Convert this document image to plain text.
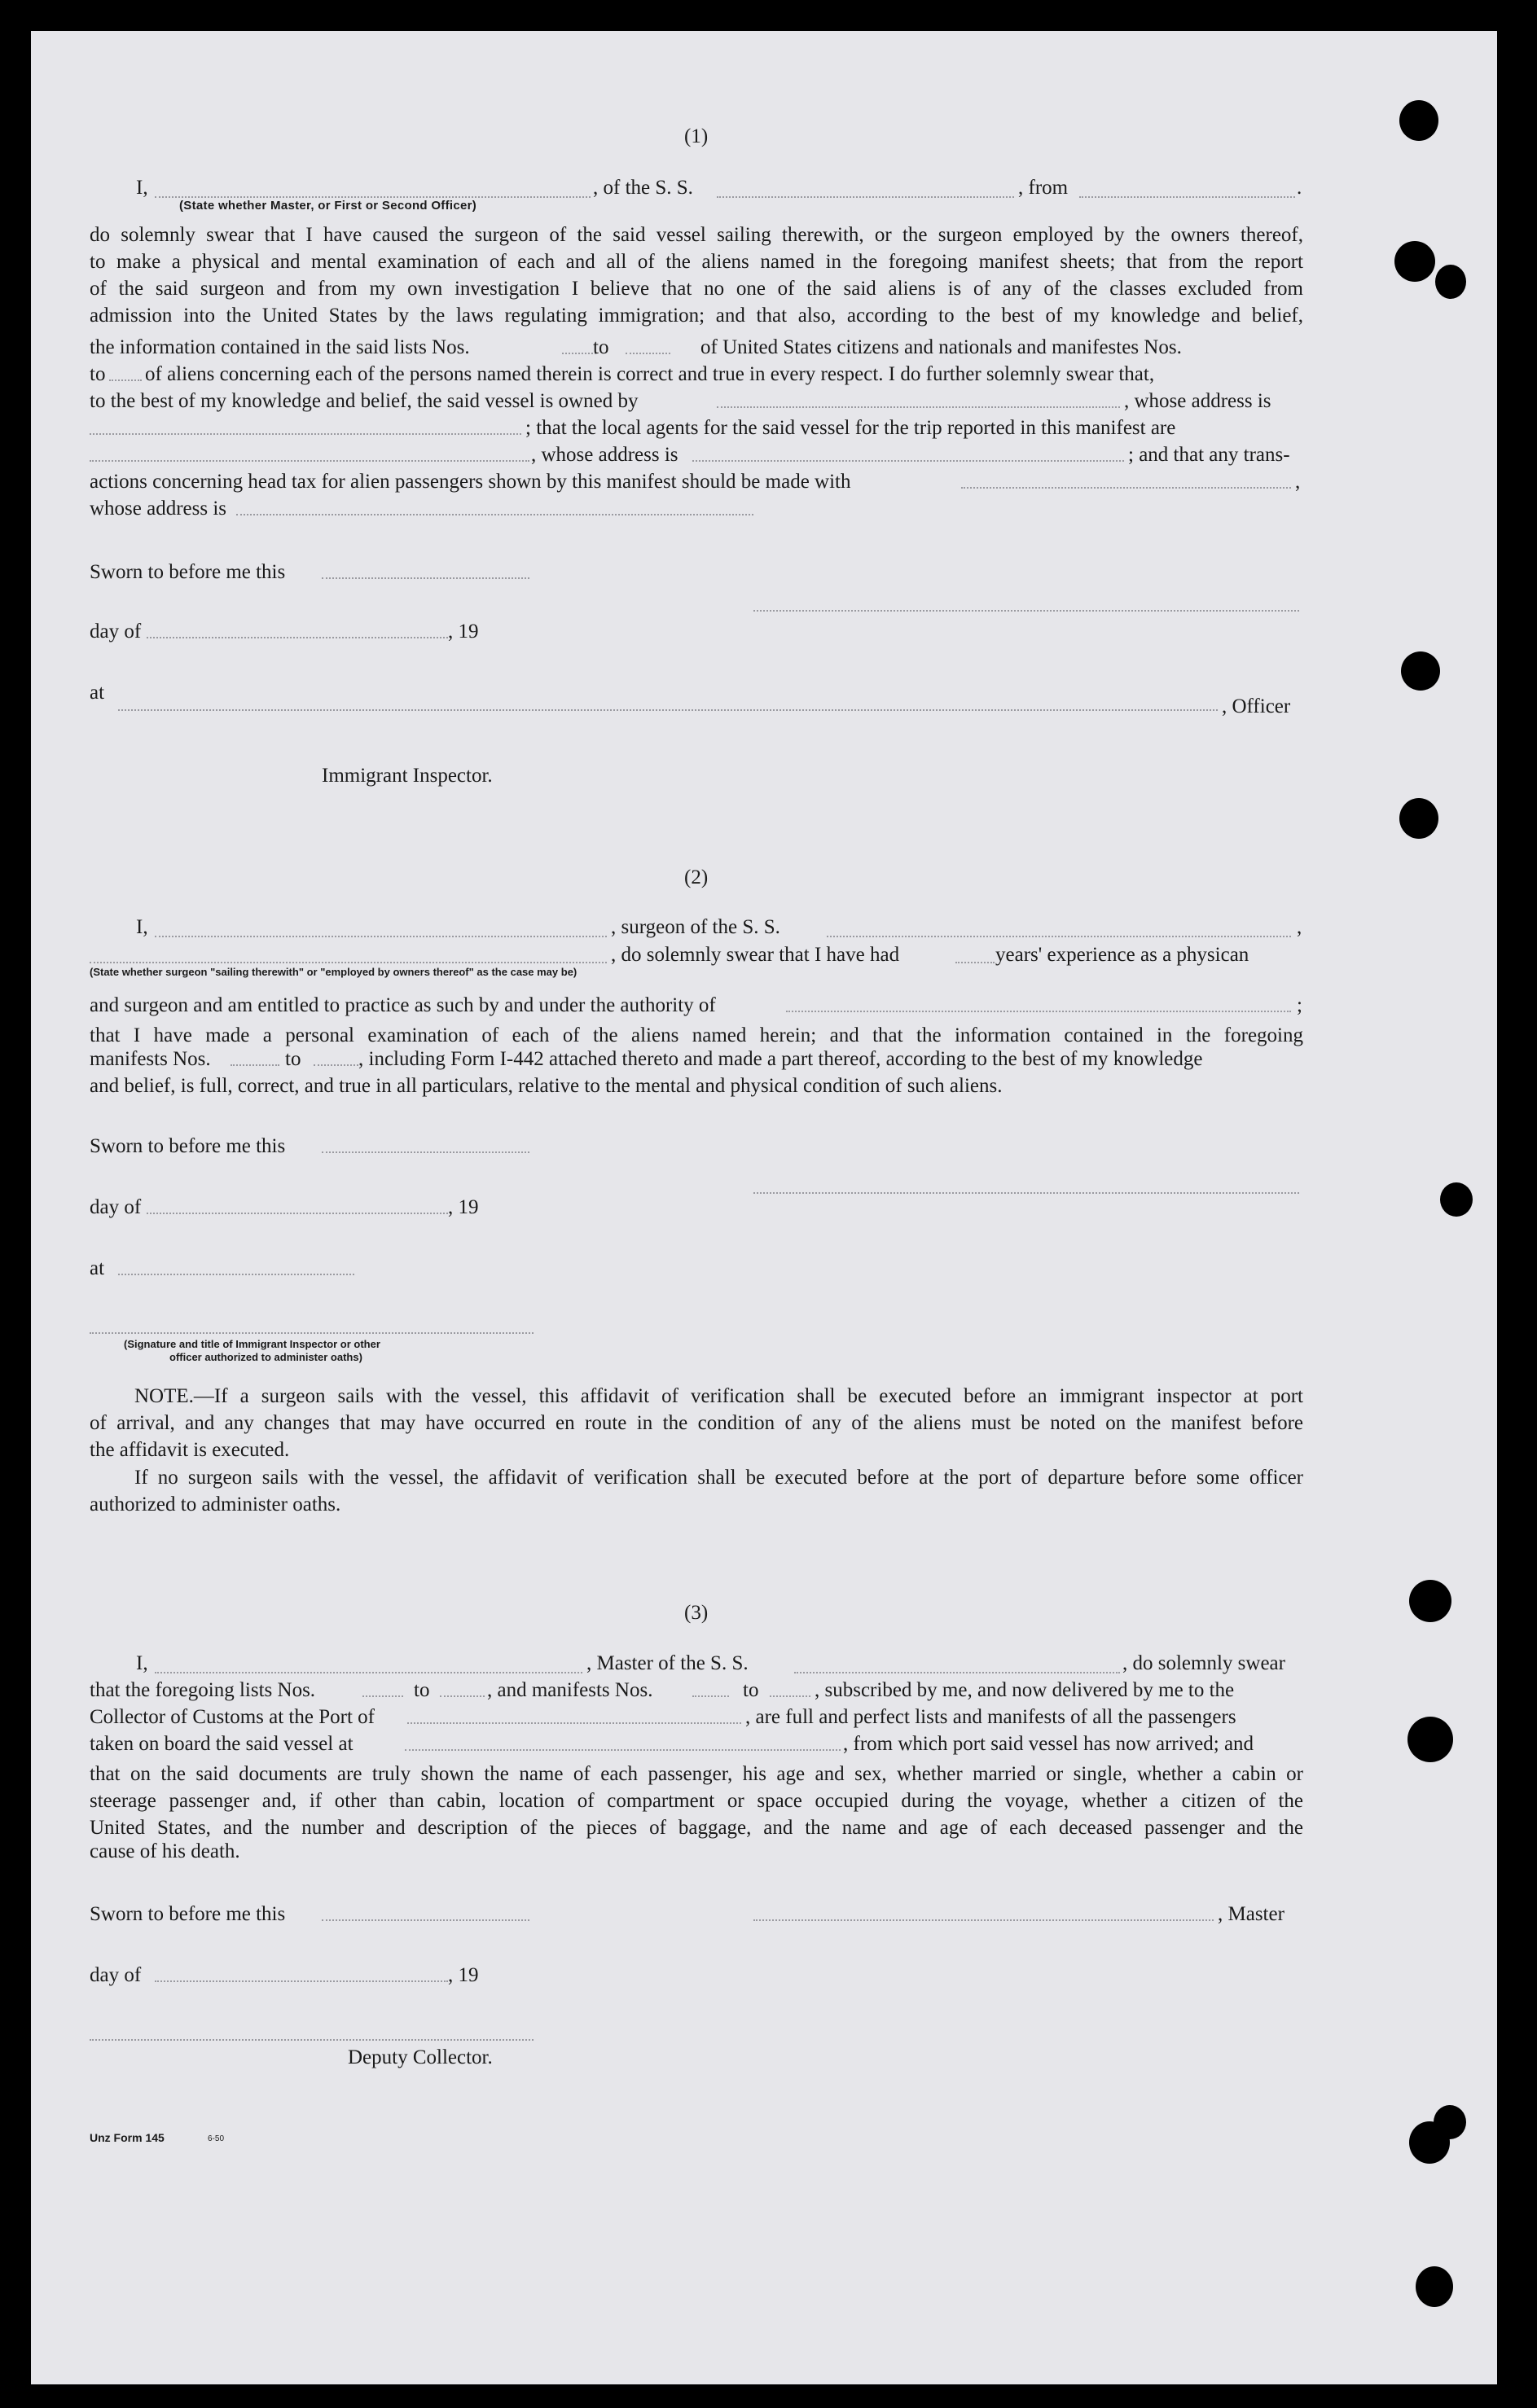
(1)
I,	, of the S. S.	, from	.
(State whether Master, or First or Second Officer)
do solemnly swear that I have caused the surgeon of the said vessel sailing therewith, or the surgeon employed by the owners thereof,
to make a physical and mental examination of each and all of the aliens named in the foregoing manifest sheets; that from the report
of the said surgeon and from my own investigation I believe that no one of the said aliens is of any of the classes excluded from
admission into the United States by the laws regulating immigration; and that also, according to the best of my knowledge and belief,
the information contained in the said lists Nos.	to	of United States citizens and nationals and manifestes Nos.
to of aliens concerning each of the persons named therein is correct and true in every respect. I do further solemnly swear that,
to the best of my knowledge and belief, the said vessel is owned by	, whose address is
; that the local agents for the said vessel for the trip reported in this manifest are
, whose address is	; and that any trans-
actions concerning head tax for alien passengers shown by this manifest should be made with	,
whose address is
Sworn to before me this
day of	, 19
at
, Officer
Immigrant Inspector.
(2)
I,	, surgeon of the S. S.	,
, do solemnly swear that I have had	years' experience as a physican
(State whether surgeon "sailing therewith" or "employed by owners thereof" as the case may be)
and surgeon and am entitled to practice as such by and under the authority of	;
that I have made a personal examination of each of the aliens named herein; and that the information contained in the foregoing
manifests Nos.	to	, including Form I-442 attached thereto and made a part thereof, according to the best of my knowledge
and belief, is full, correct, and true in all particulars, relative to the mental and physical condition of such aliens.
Sworn to before me this
day of	, 19
at
(Signature and title of Immigrant Inspector or other
officer authorized to administer oaths)
NOTE.—If a surgeon sails with the vessel, this affidavit of verification shall be executed before an immigrant inspector at port
of arrival, and any changes that may have occurred en route in the condition of any of the aliens must be noted on the manifest before
the affidavit is executed.
If no surgeon sails with the vessel, the affidavit of verification shall be executed before at the port of departure before some officer
authorized to administer oaths.
(3)
I,	, Master of the S. S.	, do solemnly swear
that the foregoing lists Nos.	to	, and manifests Nos.	to	, subscribed by me, and now delivered by me to the
Collector of Customs at the Port of	, are full and perfect lists and manifests of all the passengers
taken on board the said vessel at	, from which port said vessel has now arrived; and
that on the said documents are truly shown the name of each passenger, his age and sex, whether married or single, whether a cabin or
steerage passenger and, if other than cabin, location of compartment or space occupied during the voyage, whether a citizen of the
United States, and the number and description of the pieces of baggage, and the name and age of each deceased passenger and the
cause of his death.
Sworn to before me this	, Master
day of	, 19
Deputy Collector.
Unz Form 145	6-50
